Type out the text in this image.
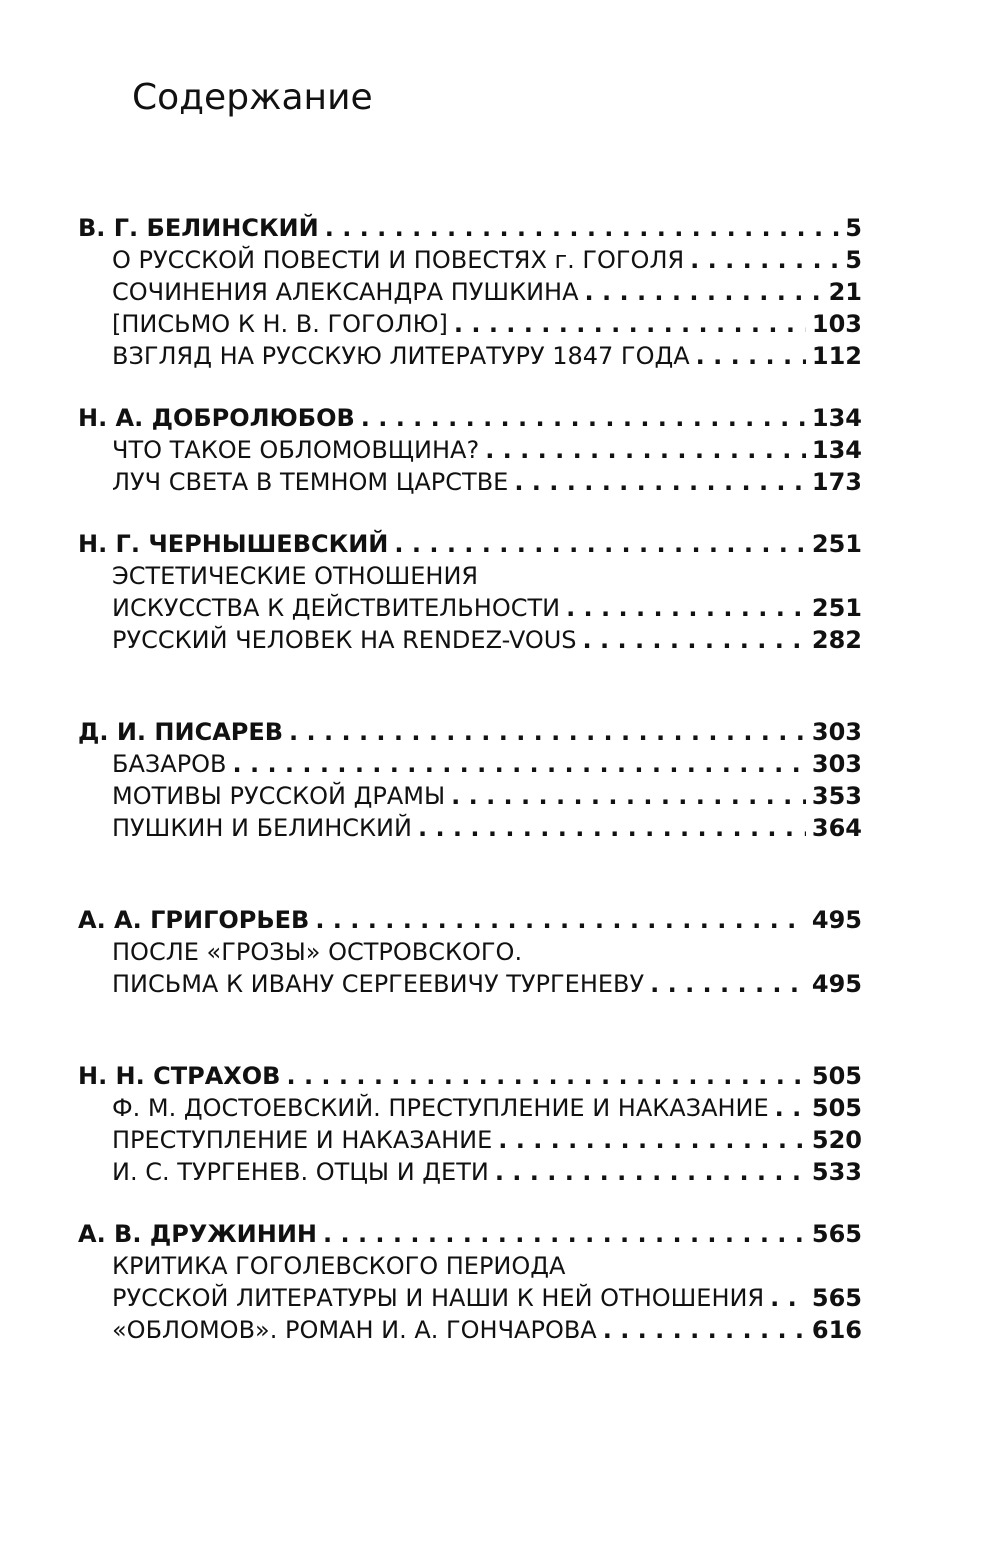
Содержание
В. Г. БЕЛИНСКИЙ . . .	5
О РУССКОЙ ПОВЕСТИ И ПОВЕСТЯХ г. ГОГОЛЯ . . .	5
СОЧИНЕНИЯ АЛЕКСАНДРА ПУШКИНА . . .	21
[ПИСЬМО К Н. В. ГОГОЛЮ] . . .	103
ВЗГЛЯД НА РУССКУЮ ЛИТЕРАТУРУ 1847 ГОДА . . .	112
Н. А. ДОБРОЛЮБОВ . . .	134
ЧТО ТАКОЕ ОБЛОМОВЩИНА? . . .	134
ЛУЧ СВЕТА В ТЕМНОМ ЦАРСТВЕ . . .	173
Н. Г. ЧЕРНЫШЕВСКИЙ . . .	251
ЭСТЕТИЧЕСКИЕ ОТНОШЕНИЯ
ИСКУССТВА К ДЕЙСТВИТЕЛЬНОСТИ . . .	251
РУССКИЙ ЧЕЛОВЕК НА RENDEZ-VOUS . . .	282
Д. И. ПИСАРЕВ . . .	303
БАЗАРОВ . . .	303
МОТИВЫ РУССКОЙ ДРАМЫ . . .	353
ПУШКИН И БЕЛИНСКИЙ . . .	364
А. А. ГРИГОРЬЕВ . . .	495
ПОСЛЕ «ГРОЗЫ» ОСТРОВСКОГО.
ПИСЬМА К ИВАНУ СЕРГЕЕВИЧУ ТУРГЕНЕВУ . . .	495
Н. Н. СТРАХОВ . . .	505
Ф. М. ДОСТОЕВСКИЙ. ПРЕСТУПЛЕНИЕ И НАКАЗАНИЕ . . . 505
ПРЕСТУПЛЕНИЕ И НАКАЗАНИЕ . . .	520
И. С. ТУРГЕНЕВ. ОТЦЫ И ДЕТИ . . .	533
А. В. ДРУЖИНИН . . .	565
КРИТИКА ГОГОЛЕВСКОГО ПЕРИОДА
РУССКОЙ ЛИТЕРАТУРЫ И НАШИ К НЕЙ ОТНОШЕНИЯ . . . 565
«ОБЛОМОВ». РОМАН И. А. ГОНЧАРОВА . . .	616
